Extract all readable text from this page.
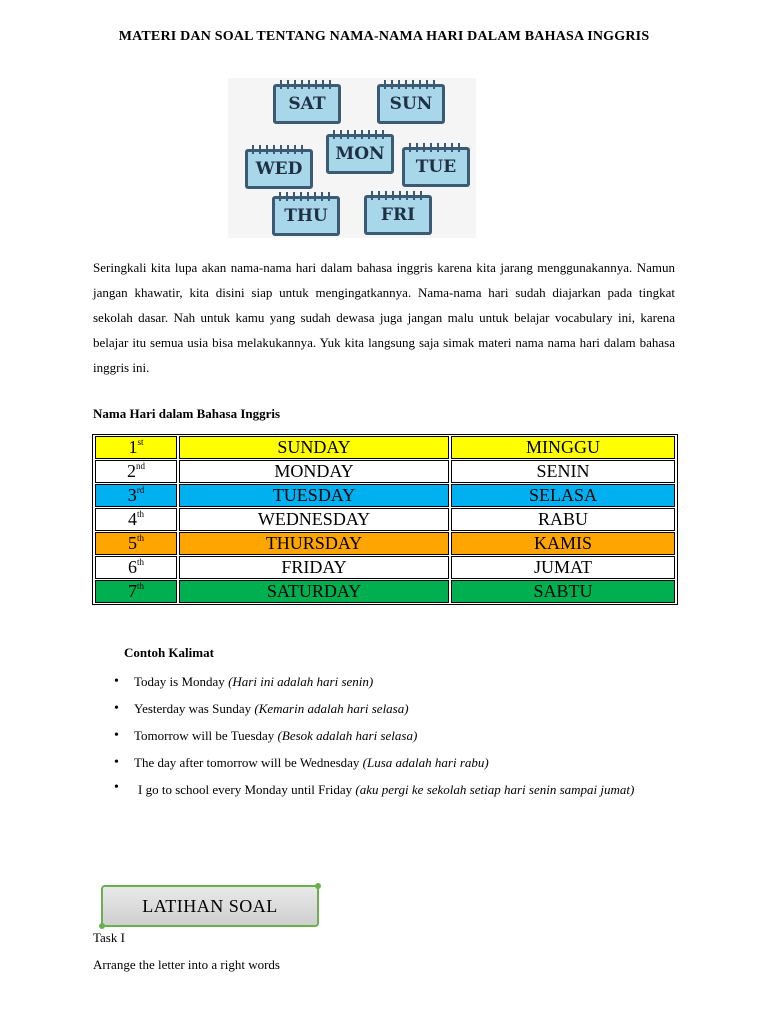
MATERI DAN SOAL TENTANG NAMA-NAMA HARI DALAM BAHASA INGGRIS
SAT	SUN
WED
MON
TUE
THU	FRI

Seringkali kita lupa akan nama-nama hari dalam bahasa inggris karena kita jarang menggunakannya. Namun jangan khawatir, kita disini siap untuk mengingatkannya. Nama-nama hari sudah diajarkan pada tingkat sekolah dasar. Nah untuk kamu yang sudah dewasa juga jangan malu untuk belajar vocabulary ini, karena belajar itu semua usia bisa melakukannya. Yuk kita langsung saja simak materi nama nama hari dalam bahasa inggris ini.

Nama Hari dalam Bahasa Inggris
1st	SUNDAY	MINGGU
2nd	MONDAY	SENIN
3rd	TUESDAY	SELASA
4th	WEDNESDAY	RABU
5th	THURSDAY	KAMIS
6th	FRIDAY	JUMAT
7th	SATURDAY	SABTU
Contoh Kalimat
• Today is Monday (Hari ini adalah hari senin)
• Yesterday was Sunday (Kemarin adalah hari selasa)
• Tomorrow will be Tuesday (Besok adalah hari selasa)
• The day after tomorrow will be Wednesday (Lusa adalah hari rabu)
• I go to school every Monday until Friday (aku pergi ke sekolah setiap hari senin sampai jumat)
LATIHAN SOAL
Task I
Arrange the letter into a right words
